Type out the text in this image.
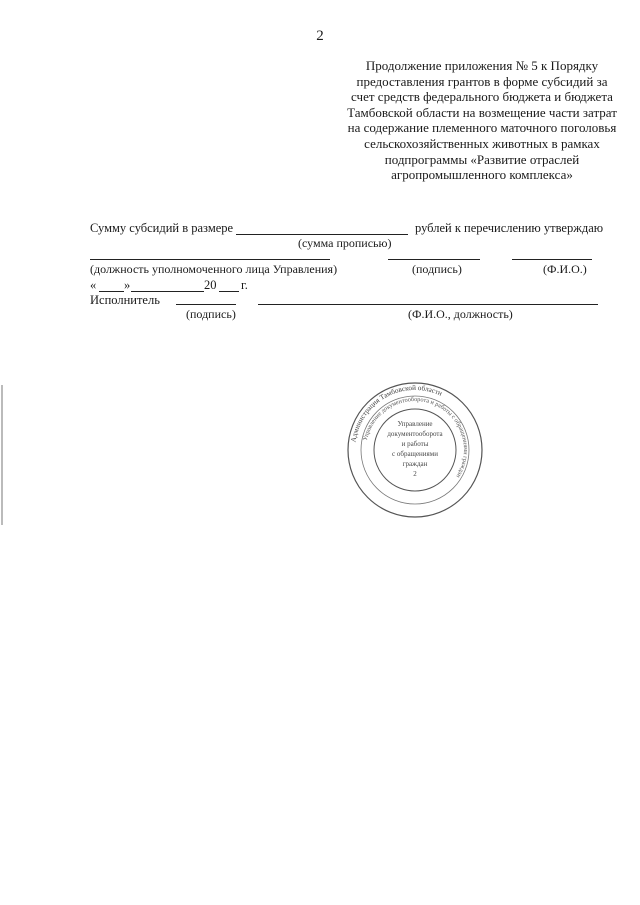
2
Продолжение приложения № 5 к Порядку предоставления грантов в форме субсидий за счет средств федерального бюджета и бюджета Тамбовской области на возмещение части затрат на содержание племенного маточного поголовья сельскохозяйственных животных в рамках подпрограммы «Развитие отраслей агропромышленного комплекса»
Сумму субсидий в размере	рублей к перечислению утверждаю
(сумма прописью)
(должность уполномоченного лица Управления)	(подпись)	(Ф.И.О.)
« »	20 г.
Исполнитель
(подпись)	(Ф.И.О., должность)
Администрация Тамбовской области
Управление документооборота и работы с обращениями граждан
Управление
документооборота
и работы
с обращениями
граждан
2
